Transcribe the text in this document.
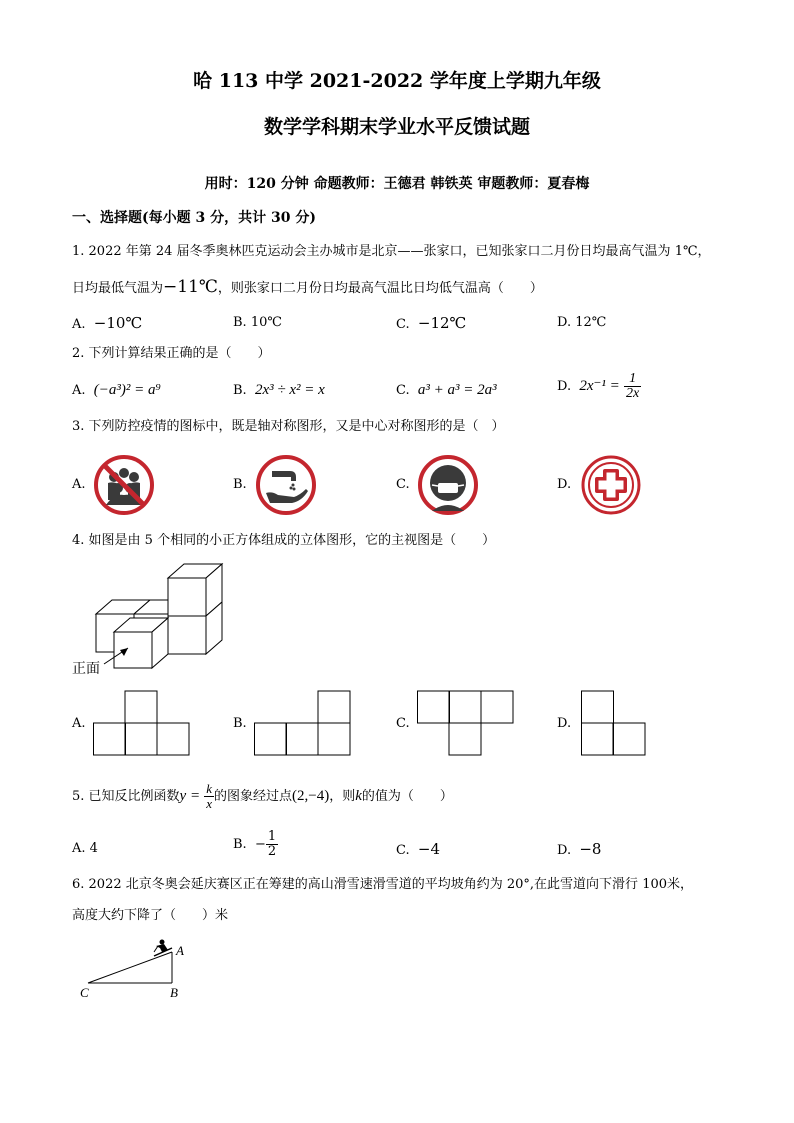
哈 113 中学 2021-2022 学年度上学期九年级
数学学科期末学业水平反馈试题
用时：120 分钟 命题教师：王德君 韩铁英 审题教师：夏春梅
一、选择题(每小题 3 分，共计 30 分)
1. 2022 年第 24 届冬季奥林匹克运动会主办城市是北京——张家口，已知张家口二月份日均最高气温为 1℃，
日均最低气温为−11℃，则张家口二月份日均最高气温比日均低气温高（　　）
A. −10℃	B. 10℃	C. −12℃	D. 12℃
2. 下列计算结果正确的是（　　）
A. (−a³)² = a⁹	B. 2x³ ÷ x² = x	C. a³ + a³ = 2a³	D. $2x^{-1} = \frac{1}{2x}$
3. 下列防控疫情的图标中，既是轴对称图形，又是中心对称图形的是（　）
A.	B.	C.	D.
4. 如图是由 5 个相同的小正方体组成的立体图形，它的主视图是（　　）
正面
A.	B.	C.	D.
5. 已知反比例函数$y = \frac{k}{x}$ 的图象经过点(2,−4)，则k的值为（　　）
A. 4	B. − $\frac{1}{2}$	C. −4	D. −8
6. 2022 北京冬奥会延庆赛区正在筹建的高山滑雪速滑雪道的平均坡角约为 20°,在此雪道向下滑行 100米，
高度大约下降了（　　）米
A
B
C
